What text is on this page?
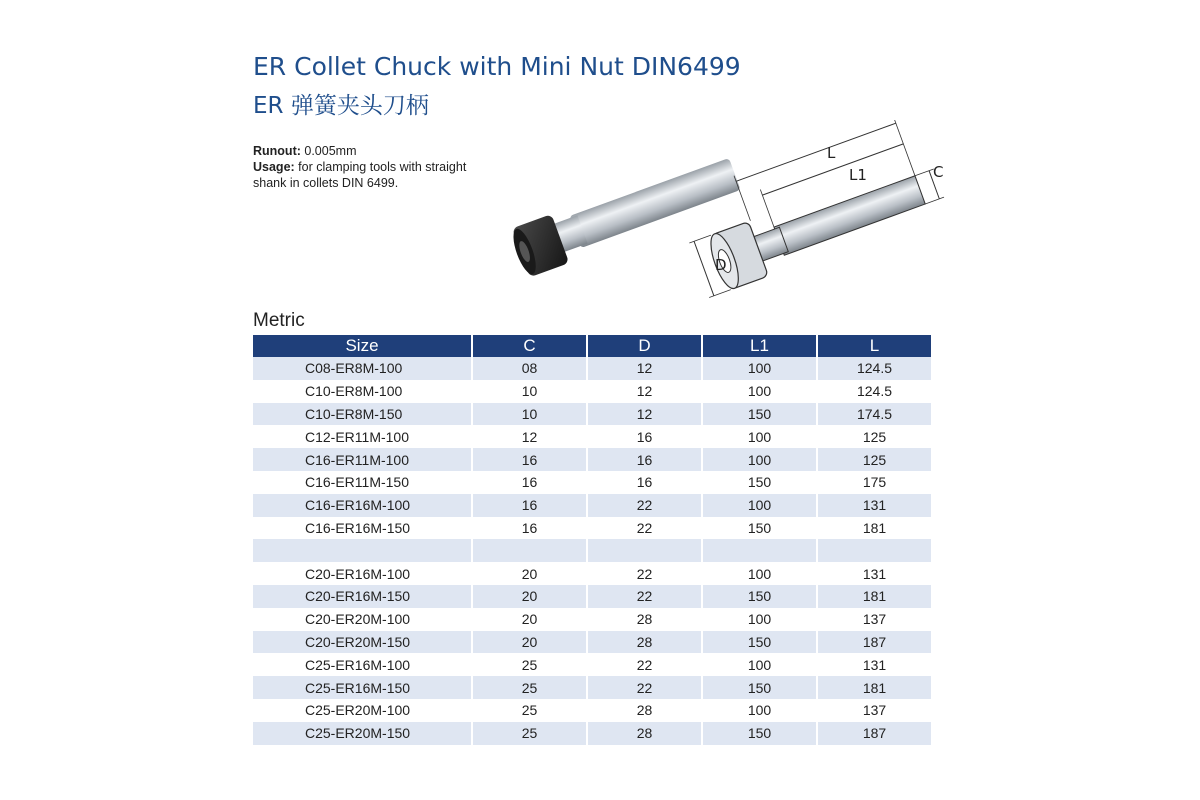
ER Collet Chuck with Mini Nut DIN6499
ER 弹簧夹头刀柄
Runout: 0.005mm
Usage: for clamping tools with straight shank in collets DIN 6499.
L
L1	C
D
Metric
Size	C	D	L1	L
C08-ER8M-100	08	12	100	124.5
C10-ER8M-100	10	12	100	124.5
C10-ER8M-150	10	12	150	174.5
C12-ER11M-100	12	16	100	125
C16-ER11M-100	16	16	100	125
C16-ER11M-150	16	16	150	175
C16-ER16M-100	16	22	100	131
C16-ER16M-150	16	22	150	181

C20-ER16M-100	20	22	100	131
C20-ER16M-150	20	22	150	181
C20-ER20M-100	20	28	100	137
C20-ER20M-150	20	28	150	187
C25-ER16M-100	25	22	100	131
C25-ER16M-150	25	22	150	181
C25-ER20M-100	25	28	100	137
C25-ER20M-150	25	28	150	187
